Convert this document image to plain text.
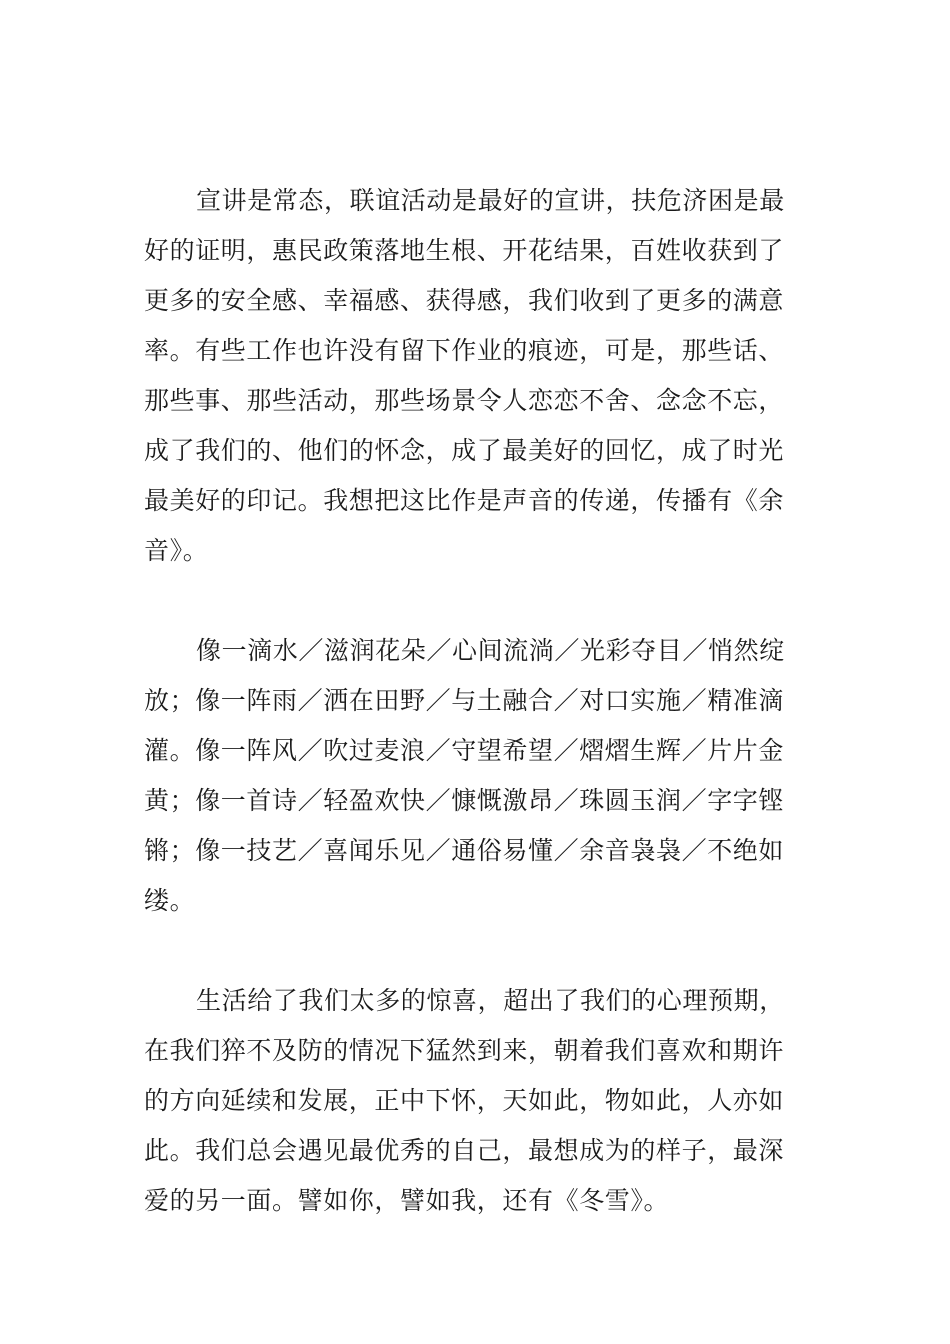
宣讲是常态，联谊活动是最好的宣讲，扶危济困是最好的证明，惠民政策落地生根、开花结果，百姓收获到了更多的安全感、幸福感、获得感，我们收到了更多的满意率。有些工作也许没有留下作业的痕迹，可是，那些话、那些事、那些活动，那些场景令人恋恋不舍、念念不忘，成了我们的、他们的怀念，成了最美好的回忆，成了时光最美好的印记。我想把这比作是声音的传递，传播有《余音》。

像一滴水／滋润花朵／心间流淌／光彩夺目／悄然绽放；像一阵雨／洒在田野／与土融合／对口实施／精准滴灌。像一阵风／吹过麦浪／守望希望／熠熠生辉／片片金黄；像一首诗／轻盈欢快／慷慨激昂／珠圆玉润／字字铿锵；像一技艺／喜闻乐见／通俗易懂／余音袅袅／不绝如缕。

生活给了我们太多的惊喜，超出了我们的心理预期，在我们猝不及防的情况下猛然到来，朝着我们喜欢和期许的方向延续和发展，正中下怀，天如此，物如此，人亦如此。我们总会遇见最优秀的自己，最想成为的样子，最深爱的另一面。譬如你，譬如我，还有《冬雪》。
